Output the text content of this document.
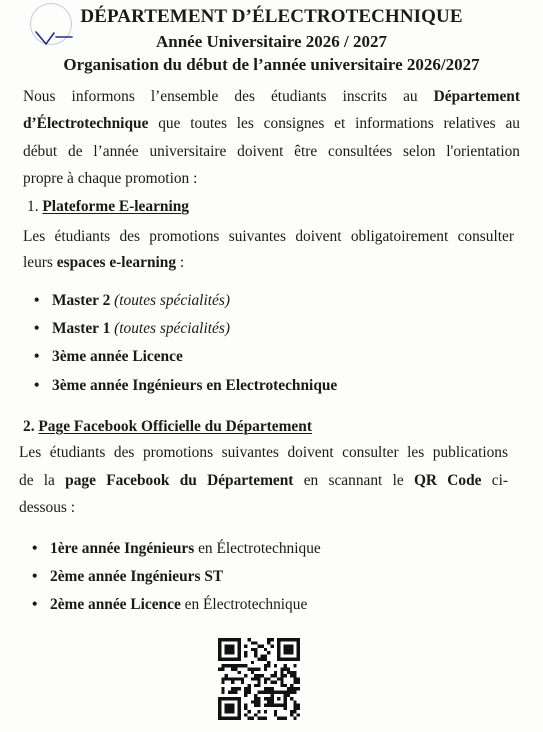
DÉPARTEMENT D’ÉLECTROTECHNIQUE
Année Universitaire 2026 / 2027
Organisation du début de l’année universitaire 2026/2027
Nous informons l’ensemble des étudiants inscrits au Département
d’Électrotechnique que toutes les consignes et informations relatives au
début de l’année universitaire doivent être consultées selon l'orientation
propre à chaque promotion :
1. Plateforme E-learning
Les étudiants des promotions suivantes doivent obligatoirement consulter
leurs espaces e-learning :
• Master 2 (toutes spécialités)
• Master 1 (toutes spécialités)
• 3ème année Licence
• 3ème année Ingénieurs en Electrotechnique
2. Page Facebook Officielle du Département
Les étudiants des promotions suivantes doivent consulter les publications
de la page Facebook du Département en scannant le QR Code ci-
dessous :
• 1ère année Ingénieurs en Électrotechnique
• 2ème année Ingénieurs ST
• 2ème année Licence en Électrotechnique
